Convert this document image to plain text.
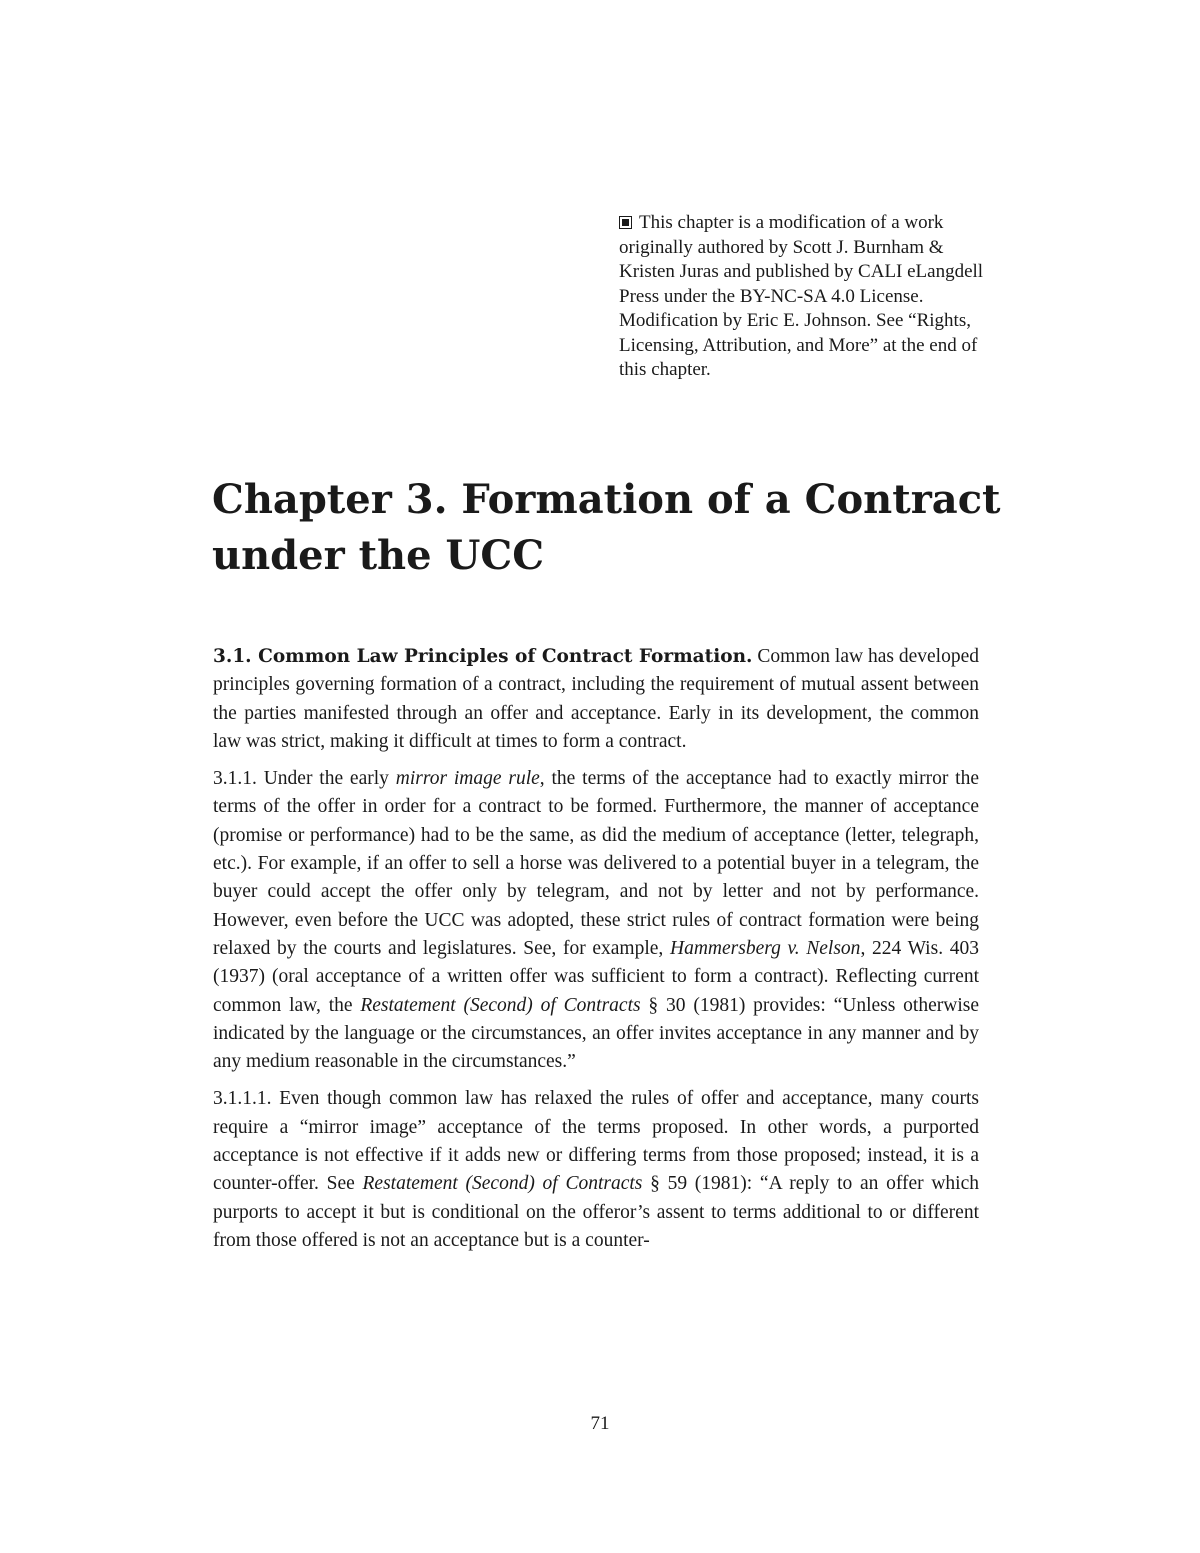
This chapter is a modification of a work originally authored by Scott J. Burnham & Kristen Juras and published by CALI eLangdell Press under the BY-NC-SA 4.0 License. Modification by Eric E. Johnson. See “Rights, Licensing, Attribution, and More” at the end of this chapter.
Chapter 3. Formation of a Contract under the UCC

3.1. Common Law Principles of Contract Formation. Common law has developed principles governing formation of a contract, including the requirement of mutual assent between the parties manifested through an offer and acceptance. Early in its development, the common law was strict, making it difficult at times to form a contract.

3.1.1. Under the early mirror image rule, the terms of the acceptance had to exactly mirror the terms of the offer in order for a contract to be formed. Furthermore, the manner of acceptance (promise or performance) had to be the same, as did the medium of acceptance (letter, telegraph, etc.). For example, if an offer to sell a horse was delivered to a potential buyer in a telegram, the buyer could accept the offer only by telegram, and not by letter and not by performance. However, even before the UCC was adopted, these strict rules of contract formation were being relaxed by the courts and legislatures. See, for example, Hammersberg v. Nelson, 224 Wis. 403 (1937) (oral acceptance of a written offer was sufficient to form a contract). Reflecting current common law, the Restatement (Second) of Contracts § 30 (1981) provides: “Unless otherwise indicated by the language or the circumstances, an offer invites acceptance in any manner and by any medium reasonable in the circumstances.”

3.1.1.1. Even though common law has relaxed the rules of offer and acceptance, many courts require a “mirror image” acceptance of the terms proposed. In other words, a purported acceptance is not effective if it adds new or differing terms from those proposed; instead, it is a counter-offer. See Restatement (Second) of Contracts § 59 (1981): “A reply to an offer which purports to accept it but is conditional on the offeror’s assent to terms additional to or different from those offered is not an acceptance but is a counter-

71
